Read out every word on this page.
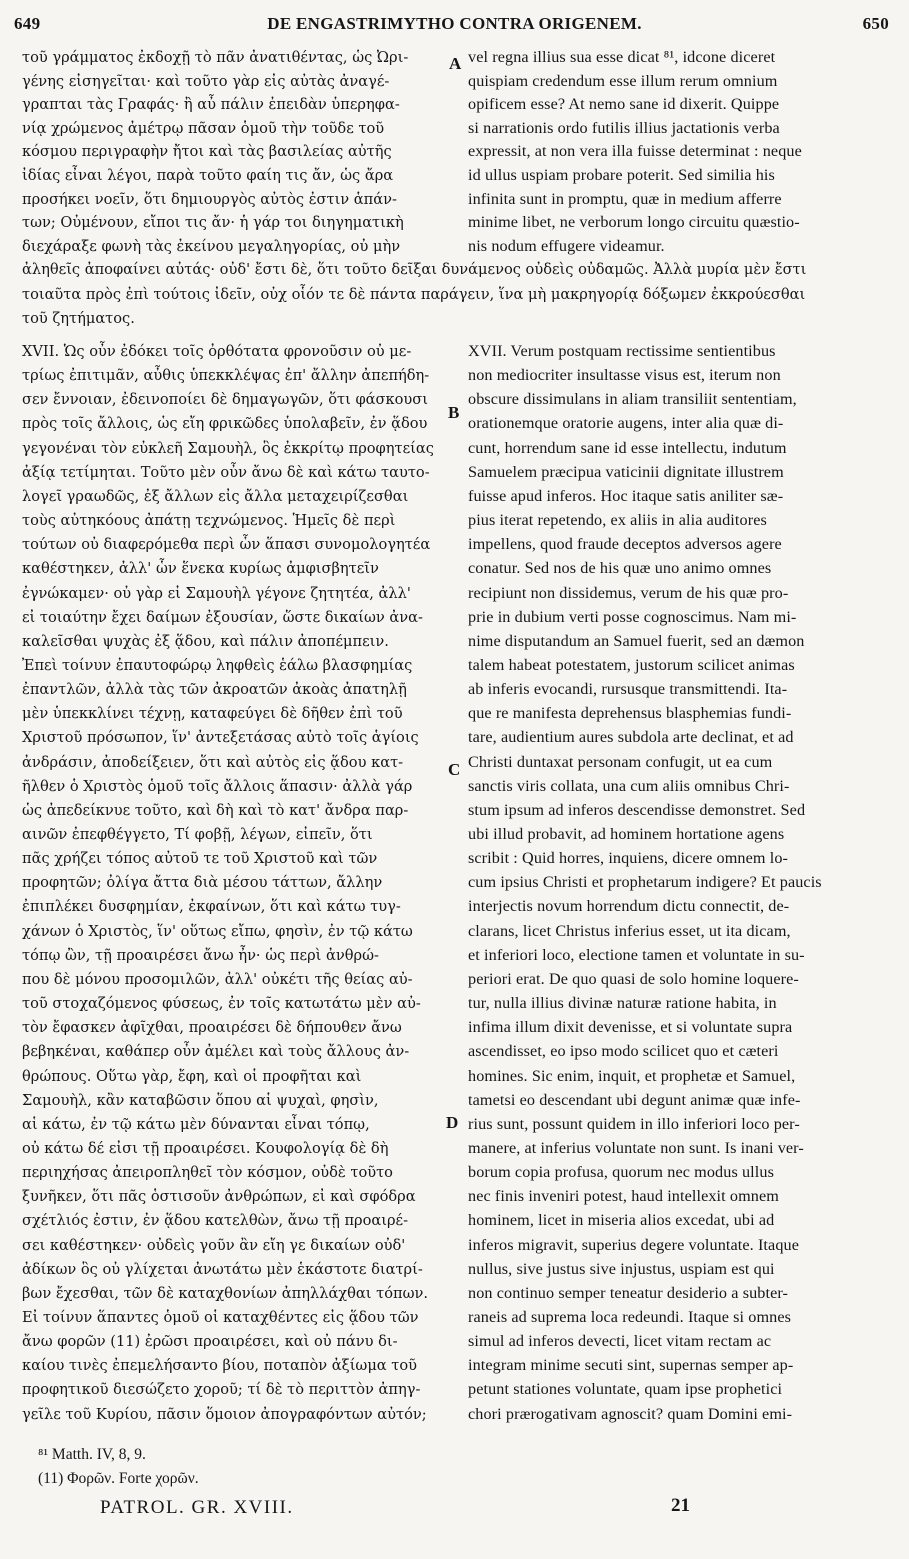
649	DE ENGASTRIMYTHO CONTRA ORIGENEM.	650
τοῦ γράμματος ἐκδοχῇ τὸ πᾶν ἀνατιθέντας, ὡς Ὠρι-
γένης εἰσηγεῖται· καὶ τοῦτο γὰρ εἰς αὐτὰς ἀναγέ-
γραπται τὰς Γραφάς· ἢ αὖ πάλιν ἐπειδὰν ὑπερηφα-
νίᾳ χρώμενος ἀμέτρῳ πᾶσαν ὁμοῦ τὴν τοῦδε τοῦ
κόσμου περιγραφὴν ἤτοι καὶ τὰς βασιλείας αὐτῆς
ἰδίας εἶναι λέγοι, παρὰ τοῦτο φαίη τις ἄν, ὡς ἄρα
προσήκει νοεῖν, ὅτι δημιουργὸς αὐτὸς ἐστιν ἁπάν-
των; Οὐμένουν, εἴποι τις ἄν· ἡ γάρ τοι διηγηματικὴ
διεχάραξε φωνὴ τὰς ἐκείνου μεγαληγορίας, οὐ μὴν
vel regna illius sua esse dicat ⁸¹, idcone diceret
quispiam credendum esse illum rerum omnium
opificem esse? At nemo sane id dixerit. Quippe
si narrationis ordo futilis illius jactationis verba
expressit, at non vera illa fuisse determinat : neque
id ullus uspiam probare poterit. Sed similia his
infinita sunt in promptu, quæ in medium afferre
minime libet, ne verborum longo circuitu quæstio-
nis nodum effugere videamur.
ἀληθεῖς ἀποφαίνει αὐτάς· οὐδ' ἔστι δὲ, ὅτι τοῦτο δεῖξαι δυνάμενος οὐδεὶς οὐδαμῶς. Ἀλλὰ μυρία μὲν ἔστι
τοιαῦτα πρὸς ἐπὶ τούτοις ἰδεῖν, οὐχ οἷόν τε δὲ πάντα παράγειν, ἵνα μὴ μακρηγορίᾳ δόξωμεν ἐκκρούεσθαι
τοῦ ζητήματος.
XVII. Ὡς οὖν ἐδόκει τοῖς ὀρθότατα φρονοῦσιν οὐ με-
τρίως ἐπιτιμᾶν, αὖθις ὑπεκκλέψας ἐπ' ἄλλην ἀπεπήδη-
σεν ἔννοιαν, ἐδεινοποίει δὲ δημαγωγῶν, ὅτι φάσκουσι
πρὸς τοῖς ἄλλοις, ὡς εἴη φρικῶδες ὑπολαβεῖν, ἐν ᾅδου
γεγονέναι τὸν εὐκλεῆ Σαμουὴλ, ὃς ἐκκρίτῳ προφητείας
ἀξίᾳ τετίμηται. Τοῦτο μὲν οὖν ἄνω δὲ καὶ κάτω ταυτο-
λογεῖ γραωδῶς, ἐξ ἄλλων εἰς ἄλλα μεταχειρίζεσθαι
τοὺς αὐτηκόους ἀπάτῃ τεχνώμενος. Ἡμεῖς δὲ περὶ
τούτων οὐ διαφερόμεθα περὶ ὧν ἅπασι συνομολογητέα
καθέστηκεν, ἀλλ' ὧν ἕνεκα κυρίως ἀμφισβητεῖν
ἐγνώκαμεν· οὐ γὰρ εἰ Σαμουὴλ γέγονε ζητητέα, ἀλλ'
εἰ τοιαύτην ἔχει δαίμων ἐξουσίαν, ὥστε δικαίων ἀνα-
καλεῖσθαι ψυχὰς ἐξ ᾅδου, καὶ πάλιν ἀποπέμπειν.
Ἐπεὶ τοίνυν ἐπαυτοφώρῳ ληφθεὶς ἑάλω βλασφημίας
ἐπαντλῶν, ἀλλὰ τὰς τῶν ἀκροατῶν ἀκοὰς ἀπατηλῇ
μὲν ὑπεκκλίνει τέχνῃ, καταφεύγει δὲ δῆθεν ἐπὶ τοῦ
Χριστοῦ πρόσωπον, ἵν' ἀντεξετάσας αὐτὸ τοῖς ἁγίοις
ἀνδράσιν, ἀποδείξειεν, ὅτι καὶ αὐτὸς εἰς ᾅδου κατ-
ῆλθεν ὁ Χριστὸς ὁμοῦ τοῖς ἄλλοις ἅπασιν· ἀλλὰ γάρ
ὡς ἀπεδείκνυε τοῦτο, καὶ δὴ καὶ τὸ κατ' ἄνδρα παρ-
αινῶν ἐπεφθέγγετο, Τί φοβῇ, λέγων, εἰπεῖν, ὅτι
πᾶς χρήζει τόπος αὐτοῦ τε τοῦ Χριστοῦ καὶ τῶν
προφητῶν; ὀλίγα ἄττα διὰ μέσου τάττων, ἄλλην
ἐπιπλέκει δυσφημίαν, ἐκφαίνων, ὅτι καὶ κάτω τυγ-
χάνων ὁ Χριστὸς, ἵν' οὕτως εἴπω, φησὶν, ἐν τῷ κάτω
τόπῳ ὢν, τῇ προαιρέσει ἄνω ἦν· ὡς περὶ ἀνθρώ-
που δὲ μόνου προσομιλῶν, ἀλλ' οὐκέτι τῆς θείας αὐ-
τοῦ στοχαζόμενος φύσεως, ἐν τοῖς κατωτάτω μὲν αὐ-
τὸν ἔφασκεν ἀφῖχθαι, προαιρέσει δὲ δήπουθεν ἄνω
βεβηκέναι, καθάπερ οὖν ἀμέλει καὶ τοὺς ἄλλους ἀν-
θρώπους. Οὕτω γὰρ, ἔφη, καὶ οἱ προφῆται καὶ
Σαμουὴλ, κἂν καταβῶσιν ὅπου αἱ ψυχαὶ, φησὶν,
αἱ κάτω, ἐν τῷ κάτω μὲν δύνανται εἶναι τόπῳ,
οὐ κάτω δέ εἰσι τῇ προαιρέσει. Κουφολογίᾳ δὲ δὴ
περιηχήσας ἀπειροπληθεῖ τὸν κόσμον, οὐδὲ τοῦτο
ξυνῆκεν, ὅτι πᾶς ὁστισοῦν ἀνθρώπων, εἰ καὶ σφόδρα
σχέτλιός ἐστιν, ἐν ᾅδου κατελθὼν, ἄνω τῇ προαιρέ-
σει καθέστηκεν· οὐδεὶς γοῦν ἂν εἴη γε δικαίων οὐδ'
ἀδίκων ὃς οὐ γλίχεται ἀνωτάτω μὲν ἑκάστοτε διατρί-
βων ἔχεσθαι, τῶν δὲ καταχθονίων ἀπηλλάχθαι τόπων.
Εἰ τοίνυν ἅπαντες ὁμοῦ οἱ καταχθέντες εἰς ᾅδου τῶν
ἄνω φορῶν (11) ἐρῶσι προαιρέσει, καὶ οὐ πάνυ δι-
καίου τινὲς ἐπεμελήσαντο βίου, ποταπὸν ἀξίωμα τοῦ
προφητικοῦ διεσώζετο χοροῦ; τί δὲ τὸ περιττὸν ἀπηγ-
γεῖλε τοῦ Κυρίου, πᾶσιν ὅμοιον ἀπογραφόντων αὐτόν;
XVII. Verum postquam rectissime sentientibus
non mediocriter insultasse visus est, iterum non
obscure dissimulans in aliam transiliit sententiam,
orationemque oratorie augens, inter alia quæ di-
cunt, horrendum sane id esse intellectu, indutum
Samuelem præcipua vaticinii dignitate illustrem
fuisse apud inferos. Hoc itaque satis aniliter sæ-
pius iterat repetendo, ex aliis in alia auditores
impellens, quod fraude deceptos adversos agere
conatur. Sed nos de his quæ uno animo omnes
recipiunt non dissidemus, verum de his quæ pro-
prie in dubium verti posse cognoscimus. Nam mi-
nime disputandum an Samuel fuerit, sed an dæmon
talem habeat potestatem, justorum scilicet animas
ab inferis evocandi, rursusque transmittendi. Ita-
que re manifesta deprehensus blasphemias fundi-
tare, audientium aures subdola arte declinat, et ad
Christi duntaxat personam confugit, ut ea cum
sanctis viris collata, una cum aliis omnibus Chri-
stum ipsum ad inferos descendisse demonstret. Sed
ubi illud probavit, ad hominem hortatione agens
scribit : Quid horres, inquiens, dicere omnem lo-
cum ipsius Christi et prophetarum indigere? Et paucis
interjectis novum horrendum dictu connectit, de-
clarans, licet Christus inferius esset, ut ita dicam,
et inferiori loco, electione tamen et voluntate in su-
periori erat. De quo quasi de solo homine loquere-
tur, nulla illius divinæ naturæ ratione habita, in
infima illum dixit devenisse, et si voluntate supra
ascendisset, eo ipso modo scilicet quo et cæteri
homines. Sic enim, inquit, et prophetæ et Samuel,
tametsi eo descendant ubi degunt animæ quæ infe-
rius sunt, possunt quidem in illo inferiori loco per-
manere, at inferius voluntate non sunt. Is inani ver-
borum copia profusa, quorum nec modus ullus
nec finis inveniri potest, haud intellexit omnem
hominem, licet in miseria alios excedat, ubi ad
inferos migravit, superius degere voluntate. Itaque
nullus, sive justus sive injustus, uspiam est qui
non continuo semper teneatur desiderio a subter-
raneis ad suprema loca redeundi. Itaque si omnes
simul ad inferos devecti, licet vitam rectam ac
integram minime secuti sint, supernas semper ap-
petunt stationes voluntate, quam ipse prophetici
chori prærogativam agnoscit? quam Domini emi-
A
B
C
D
⁸¹ Matth. IV, 8, 9.
(11) Φορῶν. Forte χορῶν.
PATROL. GR. XVIII.	21
